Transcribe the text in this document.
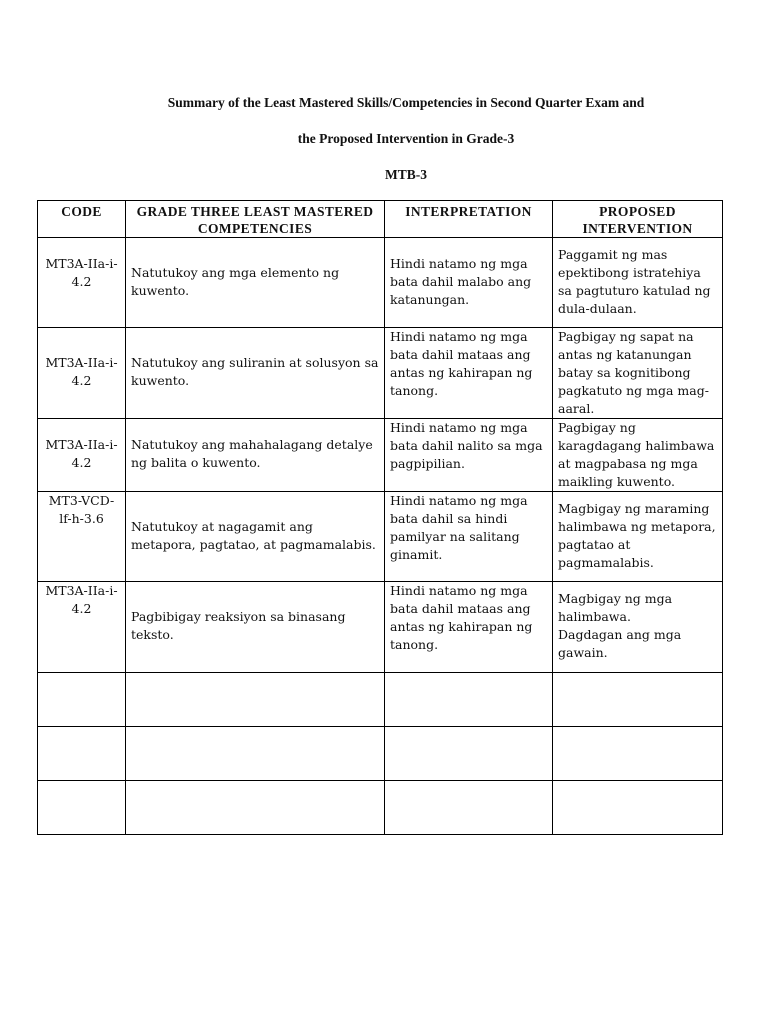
Summary of the Least Mastered Skills/Competencies in Second Quarter Exam and
the Proposed Intervention in Grade-3
MTB-3
CODE	GRADE THREE LEAST MASTERED COMPETENCIES	INTERPRETATION	PROPOSED INTERVENTION
MT3A-IIa-i-4.2	Natutukoy ang mga elemento ng kuwento.	Hindi natamo ng mga bata dahil malabo ang katanungan.	Paggamit ng mas epektibong istratehiya sa pagtuturo katulad ng dula-dulaan.
MT3A-IIa-i-4.2	Natutukoy ang suliranin at solusyon sa kuwento.	Hindi natamo ng mga bata dahil mataas ang antas ng kahirapan ng tanong.	Pagbigay ng sapat na antas ng katanungan batay sa kognitibong pagkatuto ng mga mag-aaral.
MT3A-IIa-i-4.2	Natutukoy ang mahahalagang detalye ng balita o kuwento.	Hindi natamo ng mga bata dahil nalito sa mga pagpipilian.	Pagbigay ng karagdagang halimbawa at magpabasa ng mga maikling kuwento.
MT3-VCD-lf-h-3.6	Natutukoy at nagagamit ang metapora, pagtatao, at pagmamalabis.	Hindi natamo ng mga bata dahil sa hindi pamilyar na salitang ginamit.	Magbigay ng maraming halimbawa ng metapora, pagtatao at pagmamalabis.
MT3A-IIa-i-4.2	Pagbibigay reaksiyon sa binasang teksto.	Hindi natamo ng mga bata dahil mataas ang antas ng kahirapan ng tanong.	Magbigay ng mga halimbawa.
Dagdagan ang mga gawain.
